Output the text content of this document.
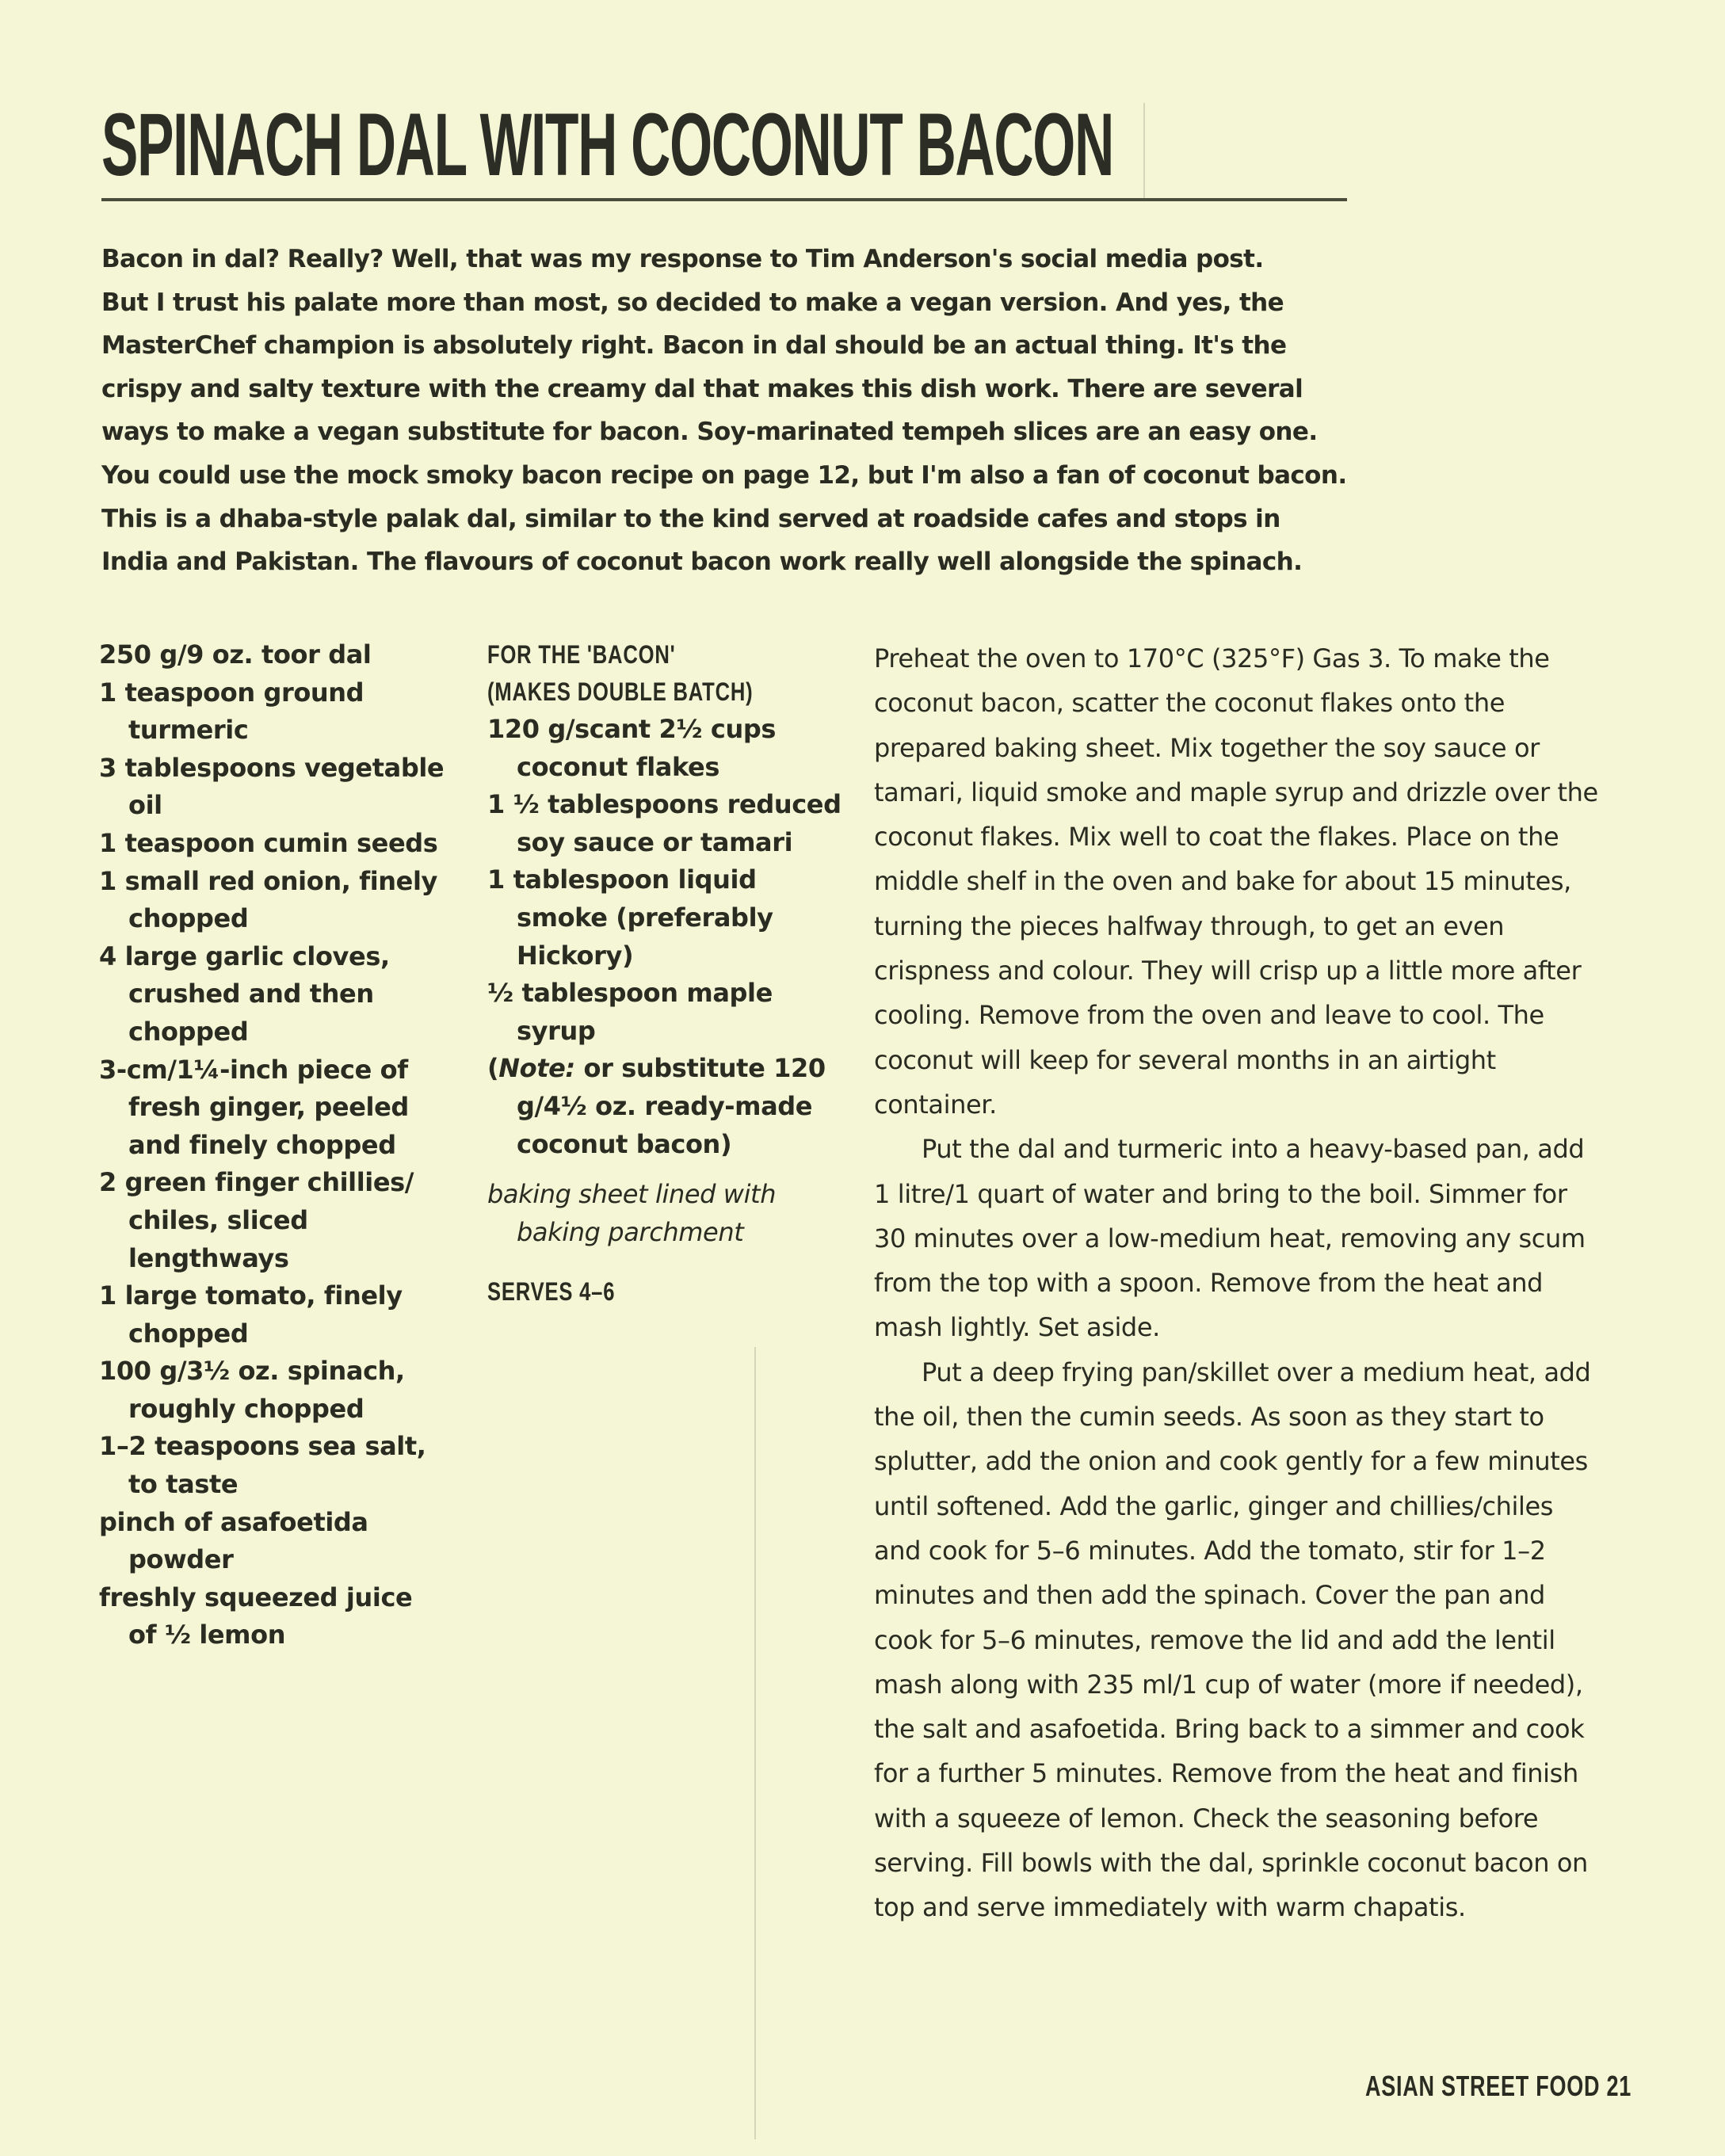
SPINACH DAL WITH COCONUT BACON
Bacon in dal? Really? Well, that was my response to Tim Anderson's social media post.
But I trust his palate more than most, so decided to make a vegan version. And yes, the
MasterChef champion is absolutely right. Bacon in dal should be an actual thing. It's the
crispy and salty texture with the creamy dal that makes this dish work. There are several
ways to make a vegan substitute for bacon. Soy-marinated tempeh slices are an easy one.
You could use the mock smoky bacon recipe on page 12, but I'm also a fan of coconut bacon.
This is a dhaba-style palak dal, similar to the kind served at roadside cafes and stops in
India and Pakistan. The flavours of coconut bacon work really well alongside the spinach.
250 g/9 oz. toor dal
1 teaspoon ground turmeric
3 tablespoons vegetable oil
1 teaspoon cumin seeds
1 small red onion, finely chopped
4 large garlic cloves, crushed and then chopped
3-cm/1¼-inch piece of fresh ginger, peeled and finely chopped
2 green finger chillies/ chiles, sliced lengthways
1 large tomato, finely chopped
100 g/3½ oz. spinach, roughly chopped
1–2 teaspoons sea salt, to taste
pinch of asafoetida powder
freshly squeezed juice of ½ lemon
FOR THE 'BACON'
(MAKES DOUBLE BATCH)
120 g/scant 2½ cups coconut flakes
1 ½ tablespoons reduced soy sauce or tamari
1 tablespoon liquid smoke (preferably Hickory)
½ tablespoon maple syrup
(Note: or substitute 120 g/4½ oz. ready-made coconut bacon)
baking sheet lined with baking parchment
SERVES 4–6

Preheat the oven to 170°C (325°F) Gas 3. To make the coconut bacon, scatter the coconut flakes onto the prepared baking sheet. Mix together the soy sauce or tamari, liquid smoke and maple syrup and drizzle over the coconut flakes. Mix well to coat the flakes. Place on the middle shelf in the oven and bake for about 15 minutes, turning the pieces halfway through, to get an even crispness and colour. They will crisp up a little more after cooling. Remove from the oven and leave to cool. The coconut will keep for several months in an airtight container.

Put the dal and turmeric into a heavy-based pan, add 1 litre/1 quart of water and bring to the boil. Simmer for 30 minutes over a low-medium heat, removing any scum from the top with a spoon. Remove from the heat and mash lightly. Set aside.

Put a deep frying pan/skillet over a medium heat, add the oil, then the cumin seeds. As soon as they start to splutter, add the onion and cook gently for a few minutes until softened. Add the garlic, ginger and chillies/chiles and cook for 5–6 minutes. Add the tomato, stir for 1–2 minutes and then add the spinach. Cover the pan and cook for 5–6 minutes, remove the lid and add the lentil mash along with 235 ml/1 cup of water (more if needed), the salt and asafoetida. Bring back to a simmer and cook for a further 5 minutes. Remove from the heat and finish with a squeeze of lemon. Check the seasoning before serving. Fill bowls with the dal, sprinkle coconut bacon on top and serve immediately with warm chapatis.

ASIAN STREET FOOD 21
